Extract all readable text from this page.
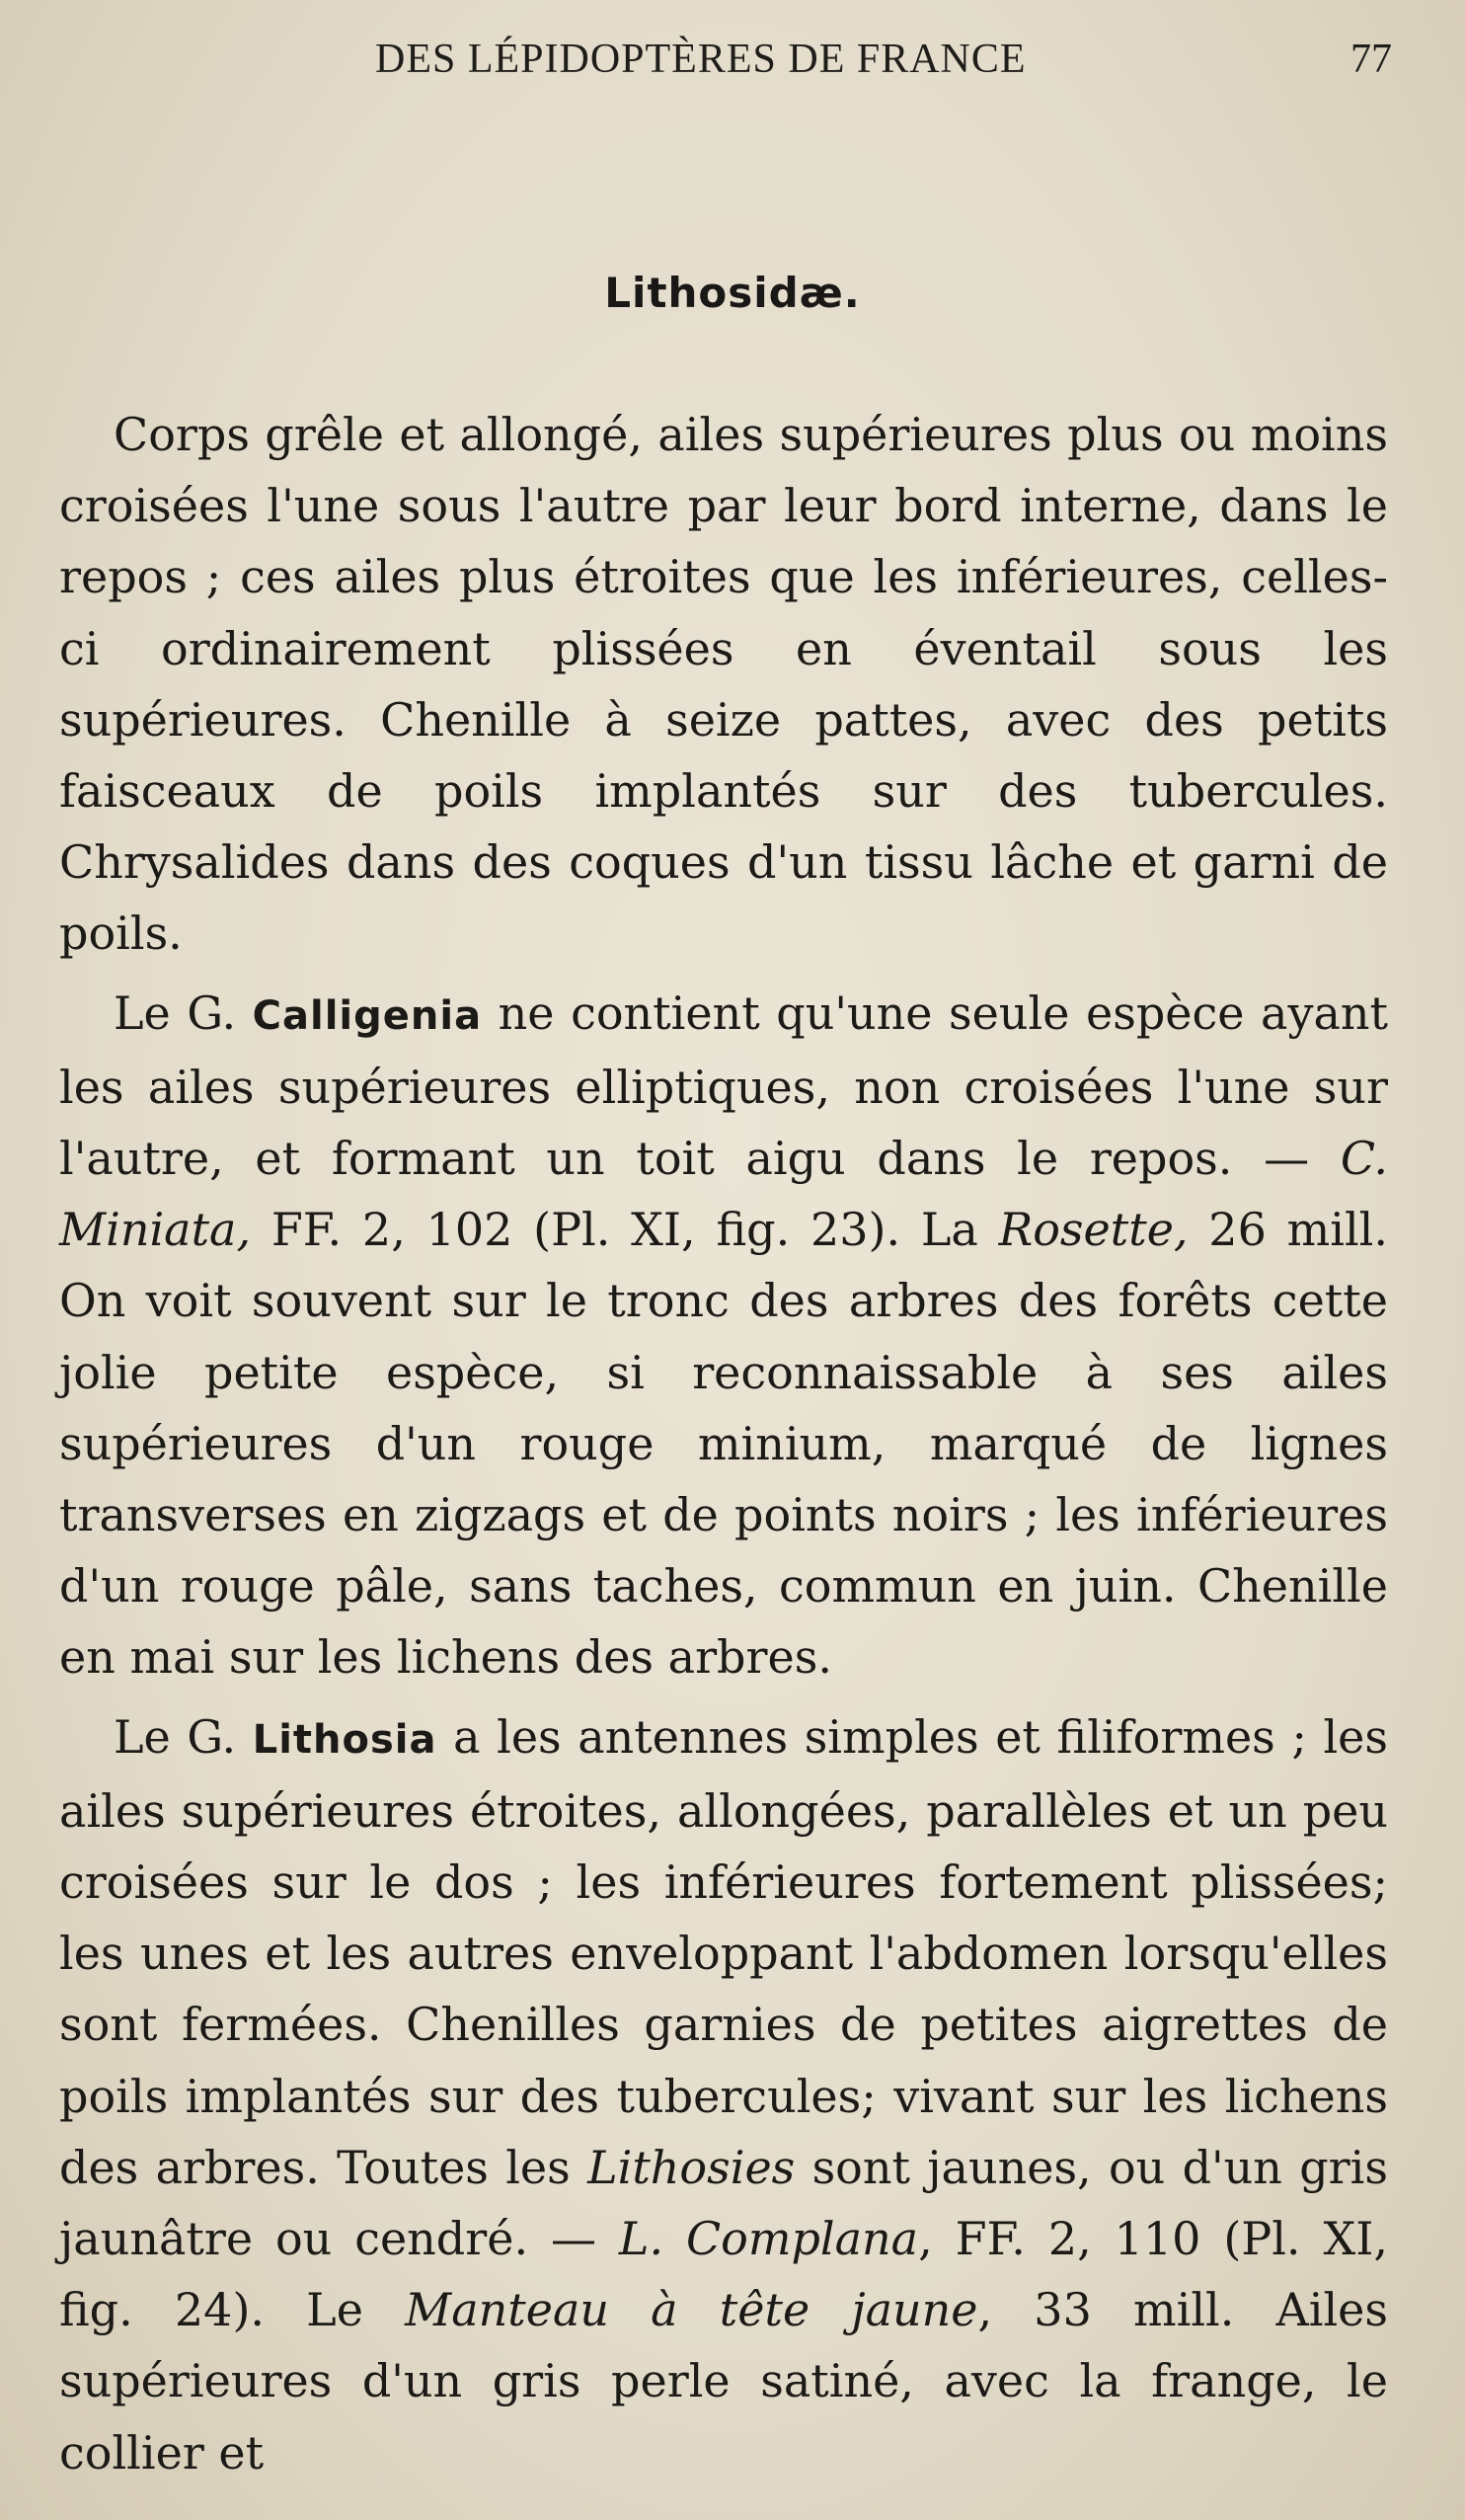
DES LÉPIDOPTÈRES DE FRANCE	77
Lithosidæ.

Corps grêle et allongé, ailes supérieures plus ou moins croisées l'une sous l'autre par leur bord interne, dans le repos ; ces ailes plus étroites que les inférieures, celles-ci ordinairement plissées en éventail sous les supérieures. Chenille à seize pattes, avec des petits faisceaux de poils implantés sur des tubercules. Chrysalides dans des coques d'un tissu lâche et garni de poils.

Le G. Calligenia ne contient qu'une seule espèce ayant les ailes supérieures elliptiques, non croisées l'une sur l'autre, et formant un toit aigu dans le repos. — C. Miniata, FF. 2, 102 (Pl. XI, fig. 23). La Rosette, 26 mill. On voit souvent sur le tronc des arbres des forêts cette jolie petite espèce, si reconnaissable à ses ailes supérieures d'un rouge minium, marqué de lignes transverses en zigzags et de points noirs ; les inférieures d'un rouge pâle, sans taches, commun en juin. Chenille en mai sur les lichens des arbres.

Le G. Lithosia a les antennes simples et filiformes ; les ailes supérieures étroites, allongées, parallèles et un peu croisées sur le dos ; les inférieures fortement plissées; les unes et les autres enveloppant l'abdomen lorsqu'elles sont fermées. Chenilles garnies de petites aigrettes de poils implantés sur des tubercules; vivant sur les lichens des arbres. Toutes les Lithosies sont jaunes, ou d'un gris jaunâtre ou cendré. — L. Complana, FF. 2, 110 (Pl. XI, fig. 24). Le Manteau à tête jaune, 33 mill. Ailes supérieures d'un gris perle satiné, avec la frange, le collier et
